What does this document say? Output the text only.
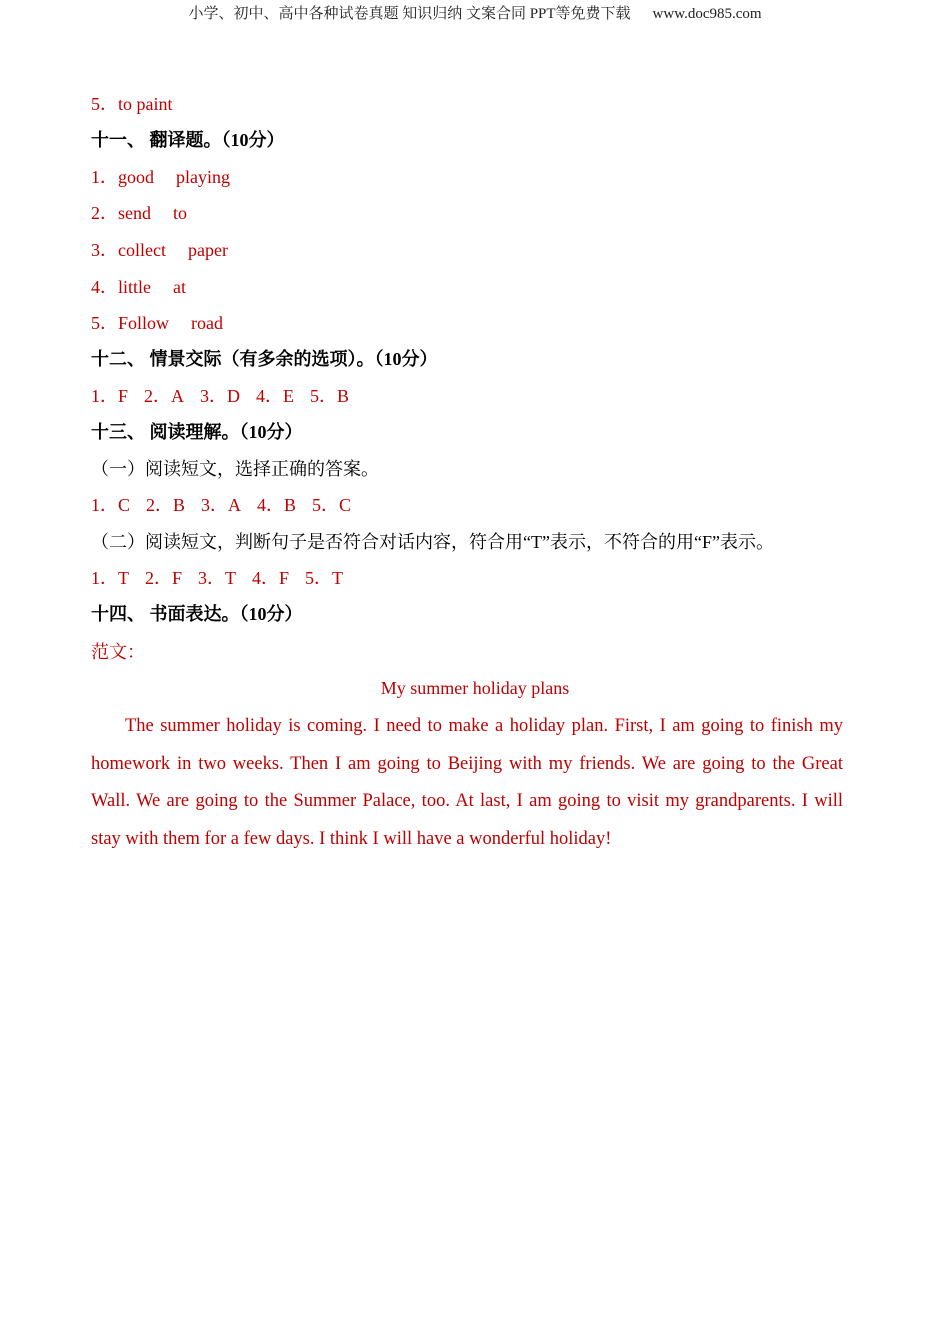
小学、初中、高中各种试卷真题 知识归纳 文案合同 PPT等免费下载 www.doc985.com
5．to paint
十一、 翻译题。（10分）
1．good playing
2．send to
3．collect paper
4．little at
5．Follow road
十二、 情景交际（有多余的选项）。（10分）
1．F 2．A 3．D 4．E 5．B
十三、 阅读理解。（10分）
（一）阅读短文，选择正确的答案。
1．C 2．B 3．A 4．B 5．C
（二）阅读短文，判断句子是否符合对话内容，符合用“T”表示，不符合的用“F”表示。
1．T 2．F 3．T 4．F 5．T
十四、 书面表达。（10分）
范文：
My summer holiday plans
The summer holiday is coming. I need to make a holiday plan. First, I am going to finish my homework in two weeks. Then I am going to Beijing with my friends. We are going to the Great Wall. We are going to the Summer Palace, too. At last, I am going to visit my grandparents. I will stay with them for a few days. I think I will have a wonderful holiday!
